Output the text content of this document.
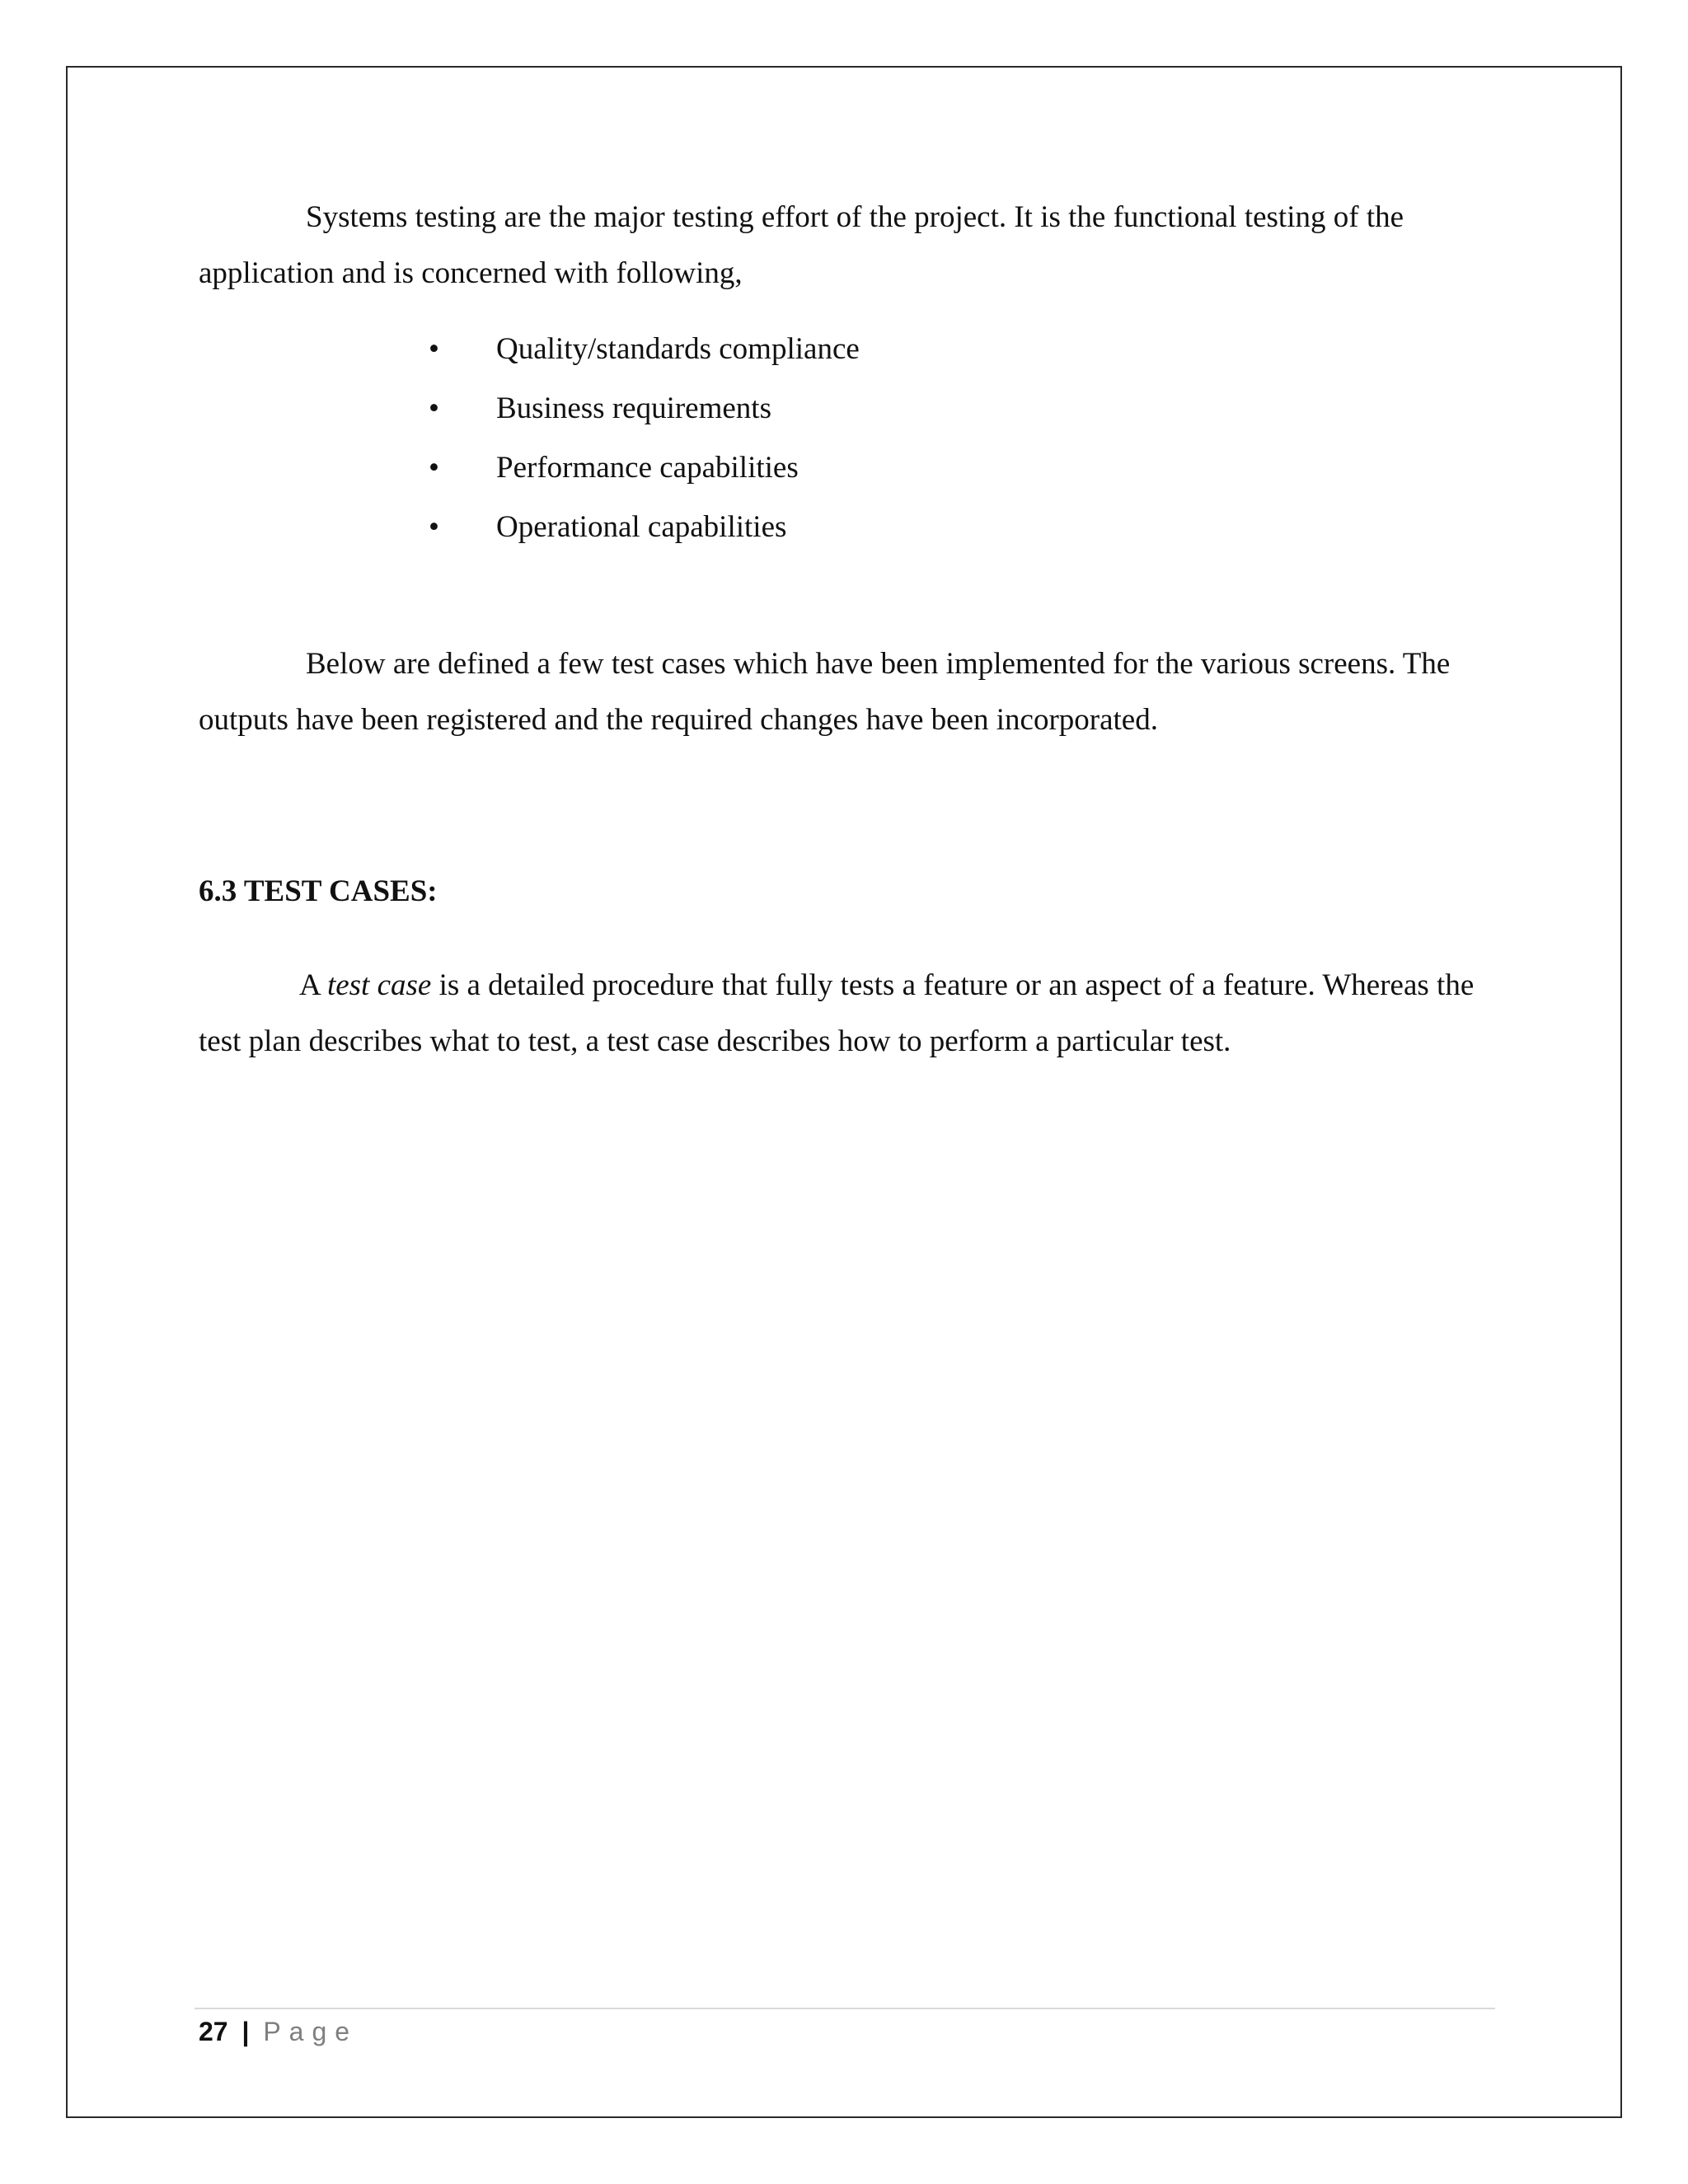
Systems testing are the major testing effort of the project. It is the functional testing of the application and is concerned with following,

• Quality/standards compliance
• Business requirements
• Performance capabilities
• Operational capabilities

Below are defined a few test cases which have been implemented for the various screens. The outputs have been registered and the required changes have been incorporated.

6.3 TEST CASES:

A test case is a detailed procedure that fully tests a feature or an aspect of a feature. Whereas the test plan describes what to test, a test case describes how to perform a particular test.

27 | Page
